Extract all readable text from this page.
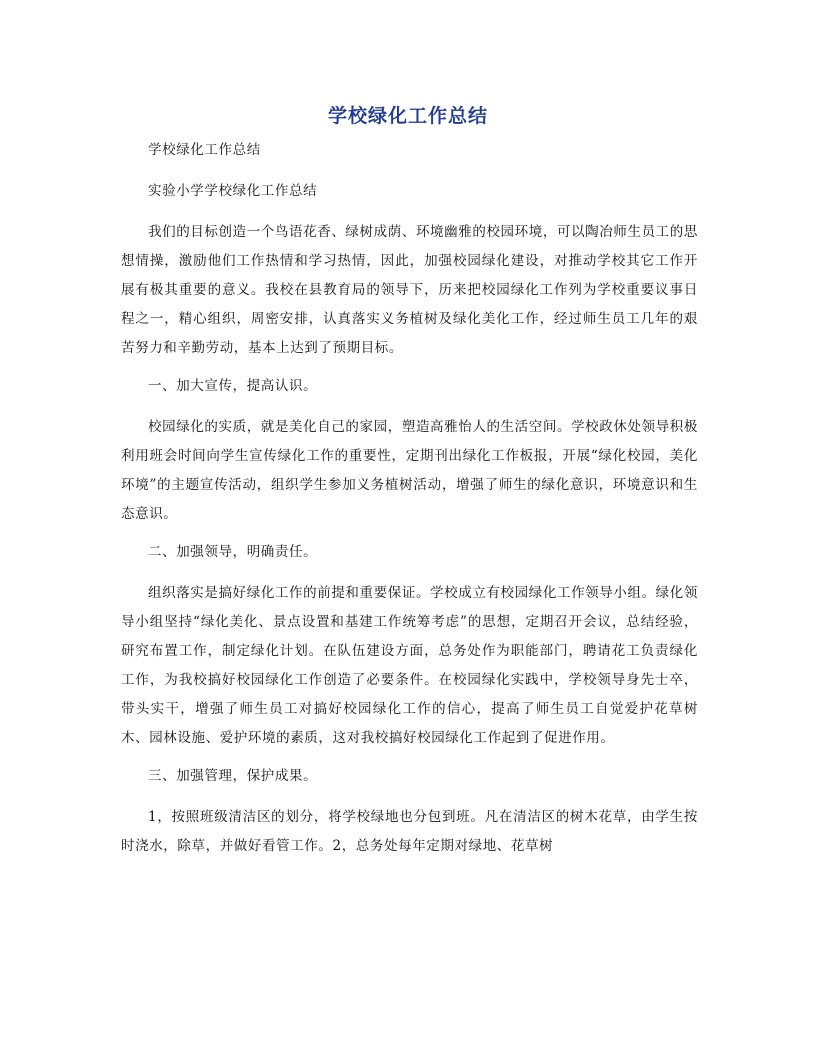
学校绿化工作总结

学校绿化工作总结

实验小学学校绿化工作总结

我们的目标创造一个鸟语花香、绿树成荫、环境幽雅的校园环境，可以陶冶师生员工的思想情操，激励他们工作热情和学习热情，因此，加强校园绿化建设，对推动学校其它工作开展有极其重要的意义。我校在县教育局的领导下，历来把校园绿化工作列为学校重要议事日程之一，精心组织，周密安排，认真落实义务植树及绿化美化工作，经过师生员工几年的艰苦努力和辛勤劳动，基本上达到了预期目标。

一、加大宣传，提高认识。

校园绿化的实质，就是美化自己的家园，塑造高雅怡人的生活空间。学校政休处领导积极利用班会时间向学生宣传绿化工作的重要性，定期刊出绿化工作板报，开展“绿化校园，美化环境”的主题宣传活动，组织学生参加义务植树活动，增强了师生的绿化意识，环境意识和生态意识。

二、加强领导，明确责任。

组织落实是搞好绿化工作的前提和重要保证。学校成立有校园绿化工作领导小组。绿化领导小组坚持“绿化美化、景点设置和基建工作统筹考虑”的思想，定期召开会议，总结经验，研究布置工作，制定绿化计划。在队伍建设方面，总务处作为职能部门，聘请花工负责绿化工作，为我校搞好校园绿化工作创造了必要条件。在校园绿化实践中，学校领导身先士卒，带头实干，增强了师生员工对搞好校园绿化工作的信心，提高了师生员工自觉爱护花草树木、园林设施、爱护环境的素质，这对我校搞好校园绿化工作起到了促进作用。

三、加强管理，保护成果。

1，按照班级清洁区的划分，将学校绿地也分包到班。凡在清洁区的树木花草，由学生按时浇水，除草，并做好看管工作。2，总务处每年定期对绿地、花草树
